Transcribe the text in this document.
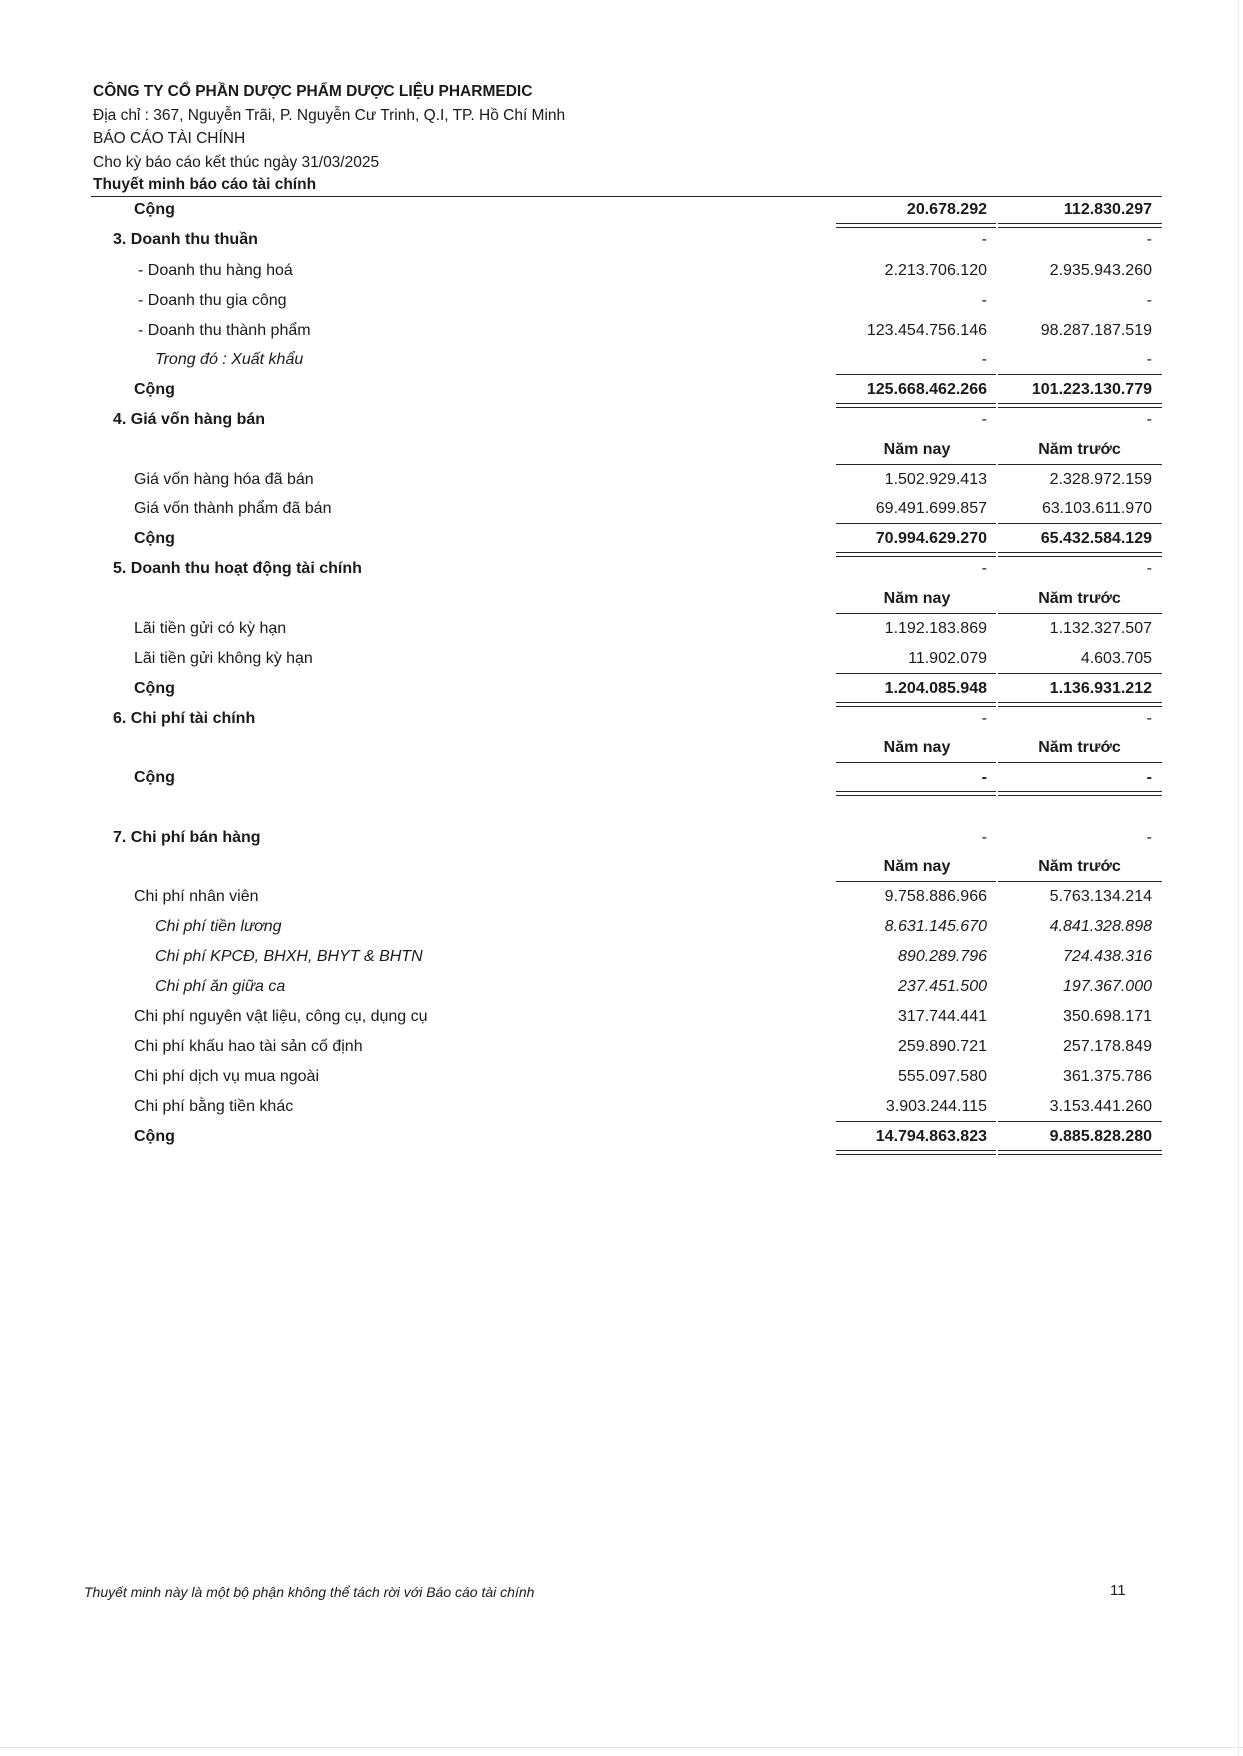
CÔNG TY CỔ PHẦN DƯỢC PHẨM DƯỢC LIỆU PHARMEDIC
Địa chỉ : 367, Nguyễn Trãi, P. Nguyễn Cư Trinh, Q.I, TP. Hồ Chí Minh
BÁO CÁO TÀI CHÍNH
Cho kỳ báo cáo kết thúc ngày 31/03/2025
Thuyết minh báo cáo tài chính
Cộng	20.678.292	112.830.297
3. Doanh thu thuần	-	-
- Doanh thu hàng hoá	2.213.706.120	2.935.943.260
- Doanh thu gia công	-	-
- Doanh thu thành phẩm	123.454.756.146	98.287.187.519
Trong đó : Xuất khẩu	-	-
Cộng	125.668.462.266	101.223.130.779
4. Giá vốn hàng bán	-	-
Năm nay	Năm trước
Giá vốn hàng hóa đã bán	1.502.929.413	2.328.972.159
Giá vốn thành phẩm đã bán	69.491.699.857	63.103.611.970
Cộng	70.994.629.270	65.432.584.129
5. Doanh thu hoạt động tài chính	-	-
Năm nay	Năm trước
Lãi tiền gửi có kỳ hạn	1.192.183.869	1.132.327.507
Lãi tiền gửi không kỳ hạn	11.902.079	4.603.705
Cộng	1.204.085.948	1.136.931.212
6. Chi phí tài chính	-	-
Năm nay	Năm trước
Cộng	-	-
7. Chi phí bán hàng	-	-
Năm nay	Năm trước
Chi phí nhân viên	9.758.886.966	5.763.134.214
Chi phí tiền lương	8.631.145.670	4.841.328.898
Chi phí KPCĐ, BHXH, BHYT & BHTN	890.289.796	724.438.316
Chi phí ăn giữa ca	237.451.500	197.367.000
Chi phí nguyên vật liệu, công cụ, dụng cụ	317.744.441	350.698.171
Chi phí khấu hao tài sản cố định	259.890.721	257.178.849
Chi phí dịch vụ mua ngoài	555.097.580	361.375.786
Chi phí bằng tiền khác	3.903.244.115	3.153.441.260
Cộng	14.794.863.823	9.885.828.280
Thuyết minh này là một bộ phận không thể tách rời với Báo cáo tài chính	11
